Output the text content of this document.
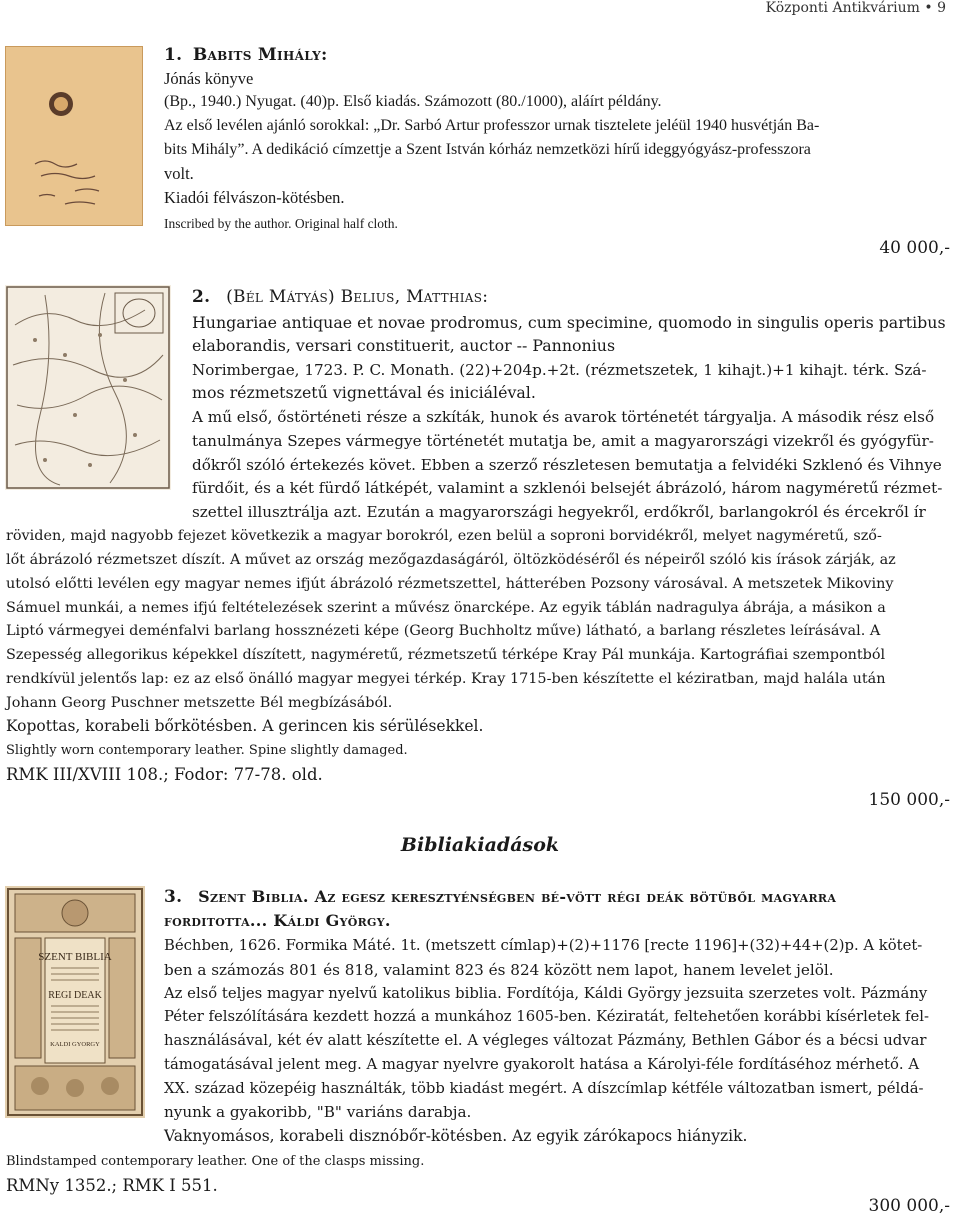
Központi Antikvárium • 9
1. Babits Mihály:
Jónás könyve
(Bp., 1940.) Nyugat. (40)p. Első kiadás. Számozott (80./1000), aláírt példány.
Az első levélen ajánló sorokkal: „Dr. Sarbó Artur professzor urnak tisztelete jeléül 1940 husvétján Ba-
bits Mihály”. A dedikáció címzettje a Szent István kórház nemzetközi hírű ideggyógyász-professzora
volt.
Kiadói félvászon-kötésben.
Inscribed by the author. Original half cloth.
40 000,-
2. (Bél Mátyás) Belius, Matthias:
Hungariae antiquae et novae prodromus, cum specimine, quomodo in singulis operis partibus
elaborandis, versari constituerit, auctor -- Pannonius
Norimbergae, 1723. P. C. Monath. (22)+204p.+2t. (rézmetszetek, 1 kihajt.)+1 kihajt. térk. Szá-
mos rézmetszetű vignettával és iniciáléval.
A mű első, őstörténeti része a szkíták, hunok és avarok történetét tárgyalja. A második rész első
tanulmánya Szepes vármegye történetét mutatja be, amit a magyarországi vizekről és gyógyfür-
dőkről szóló értekezés követ. Ebben a szerző részletesen bemutatja a felvidéki Szklenó és Vihnye
fürdőit, és a két fürdő látképét, valamint a szklenói belsejét ábrázoló, három nagyméretű rézmet-
szettel illusztrálja azt. Ezután a magyarországi hegyekről, erdőkről, barlangokról és ércekről ír
röviden, majd nagyobb fejezet következik a magyar borokról, ezen belül a soproni borvidékről, melyet nagyméretű, sző-
lőt ábrázoló rézmetszet díszít. A művet az ország mezőgazdaságáról, öltözködéséről és népeiről szóló kis írások zárják, az
utolsó előtti levélen egy magyar nemes ifjút ábrázoló rézmetszettel, hátterében Pozsony városával. A metszetek Mikoviny
Sámuel munkái, a nemes ifjú feltételezések szerint a művész önarcképe. Az egyik táblán nadragulya ábrája, a másikon a
Liptó vármegyei deménfalvi barlang hossznézeti képe (Georg Buchholtz műve) látható, a barlang részletes leírásával. A
Szepesség allegorikus képekkel díszített, nagyméretű, rézmetszetű térképe Kray Pál munkája. Kartográfiai szempontból
rendkívül jelentős lap: ez az első önálló magyar megyei térkép. Kray 1715-ben készítette el kéziratban, majd halála után
Johann Georg Puschner metszette Bél megbízásából.
Kopottas, korabeli bőrkötésben. A gerincen kis sérülésekkel.
Slightly worn contemporary leather. Spine slightly damaged.
RMK III/XVIII 108.; Fodor: 77-78. old.
150 000,-
Bibliakiadások
SZENT BIBLIA
REGI DEAK
KALDI GYORGY
3. Szent Biblia. Az egesz keresztyénségben bé-vött régi deák bötüből magyarra
forditotta... Káldi György.
Béchben, 1626. Formika Máté. 1t. (metszett címlap)+(2)+1176 [recte 1196]+(32)+44+(2)p. A kötet-
ben a számozás 801 és 818, valamint 823 és 824 között nem lapot, hanem levelet jelöl.
Az első teljes magyar nyelvű katolikus biblia. Fordítója, Káldi György jezsuita szerzetes volt. Pázmány
Péter felszólítására kezdett hozzá a munkához 1605-ben. Kéziratát, feltehetően korábbi kísérletek fel-
használásával, két év alatt készítette el. A végleges változat Pázmány, Bethlen Gábor és a bécsi udvar
támogatásával jelent meg. A magyar nyelvre gyakorolt hatása a Károlyi-féle fordításéhoz mérhető. A
XX. század közepéig használták, több kiadást megért. A díszcímlap kétféle változatban ismert, példá-
nyunk a gyakoribb, "B" variáns darabja.
Vaknyomásos, korabeli disznóbőr-kötésben. Az egyik zárókapocs hiányzik.
Blindstamped contemporary leather. One of the clasps missing.
RMNy 1352.; RMK I 551.
300 000,-
